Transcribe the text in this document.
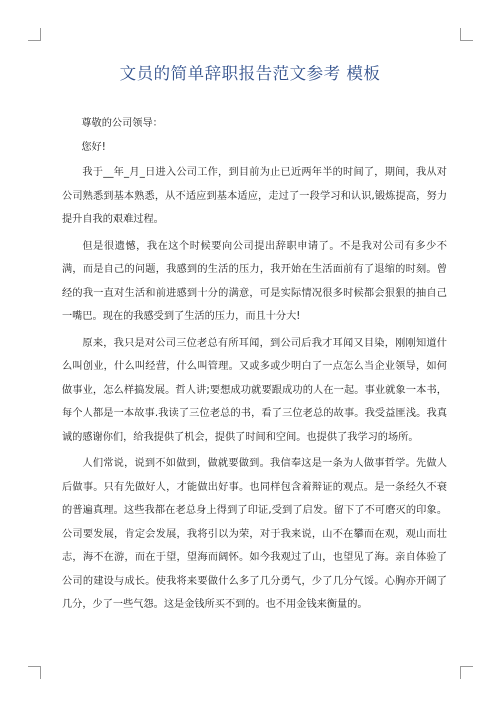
文员的简单辞职报告范文参考 模板

尊敬的公司领导：

您好!

我于__年_月_日进入公司工作，到目前为止已近两年半的时间了，期间，我从对公司熟悉到基本熟悉，从不适应到基本适应，走过了一段学习和认识,锻炼提高，努力提升自我的艰难过程。

但是很遗憾，我在这个时候要向公司提出辞职申请了。不是我对公司有多少不满，而是自己的问题，我感到的生活的压力，我开始在生活面前有了退缩的时刻。曾经的我一直对生活和前进感到十分的满意，可是实际情况很多时候都会狠狠的抽自己一嘴巴。现在的我感受到了生活的压力，而且十分大!

原来，我只是对公司三位老总有所耳闻，到公司后我才耳闻又目染，刚刚知道什么叫创业，什么叫经营，什么叫管理。又或多或少明白了一点怎么当企业领导，如何做事业，怎么样搞发展。哲人讲;要想成功就要跟成功的人在一起。事业就象一本书，每个人都是一本故事.我读了三位老总的书，看了三位老总的故事。我受益匪浅。我真诚的感谢你们，给我提供了机会，提供了时间和空间。也提供了我学习的场所。

人们常说，说到不如做到，做就要做到。我信奉这是一条为人做事哲学。先做人后做事。只有先做好人，才能做出好事。也同样包含着辩证的观点。是一条经久不衰的普遍真理。这些我都在老总身上得到了印证,受到了启发。留下了不可磨灭的印象。公司要发展，肯定会发展，我将引以为荣，对于我来说，山不在攀而在观，观山而壮志，海不在游，而在于望，望海而阔怀。如今我观过了山，也望见了海。亲自体验了公司的建设与成长。使我将来要做什么多了几分勇气，少了几分气馁。心胸亦开阔了几分，少了一些气怨。这是金钱所买不到的。也不用金钱来衡量的。
